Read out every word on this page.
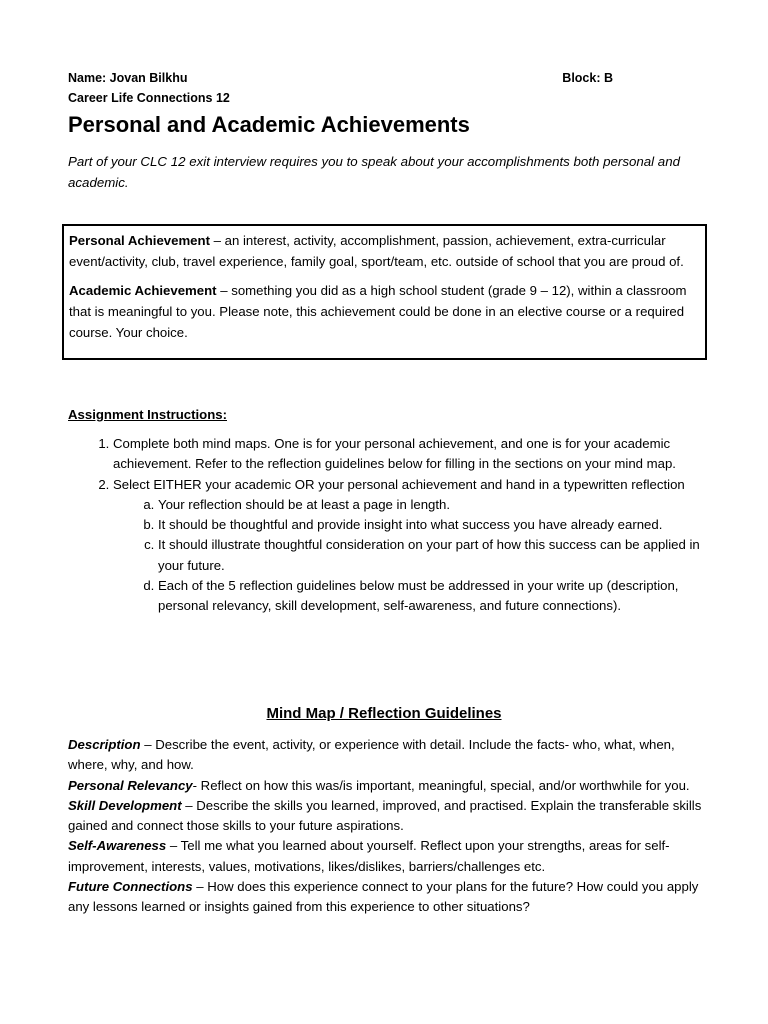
Name: Jovan Bilkhu	Block: B
Career Life Connections 12
Personal and Academic Achievements
Part of your CLC 12 exit interview requires you to speak about your accomplishments both personal and academic.

Personal Achievement – an interest, activity, accomplishment, passion, achievement, extra-curricular event/activity, club, travel experience, family goal, sport/team, etc. outside of school that you are proud of.

Academic Achievement – something you did as a high school student (grade 9 – 12), within a classroom that is meaningful to you. Please note, this achievement could be done in an elective course or a required course. Your choice.

Assignment Instructions:
1. Complete both mind maps. One is for your personal achievement, and one is for your academic achievement. Refer to the reflection guidelines below for filling in the sections on your mind map.
2. Select EITHER your academic OR your personal achievement and hand in a typewritten reflection
a. Your reflection should be at least a page in length.
b. It should be thoughtful and provide insight into what success you have already earned.
c. It should illustrate thoughtful consideration on your part of how this success can be applied in your future.
d. Each of the 5 reflection guidelines below must be addressed in your write up (description, personal relevancy, skill development, self-awareness, and future connections).
Mind Map / Reflection Guidelines

Description – Describe the event, activity, or experience with detail. Include the facts- who, what, when, where, why, and how.

Personal Relevancy- Reflect on how this was/is important, meaningful, special, and/or worthwhile for you.

Skill Development – Describe the skills you learned, improved, and practised. Explain the transferable skills gained and connect those skills to your future aspirations.

Self-Awareness – Tell me what you learned about yourself. Reflect upon your strengths, areas for self-improvement, interests, values, motivations, likes/dislikes, barriers/challenges etc.

Future Connections – How does this experience connect to your plans for the future? How could you apply any lessons learned or insights gained from this experience to other situations?
